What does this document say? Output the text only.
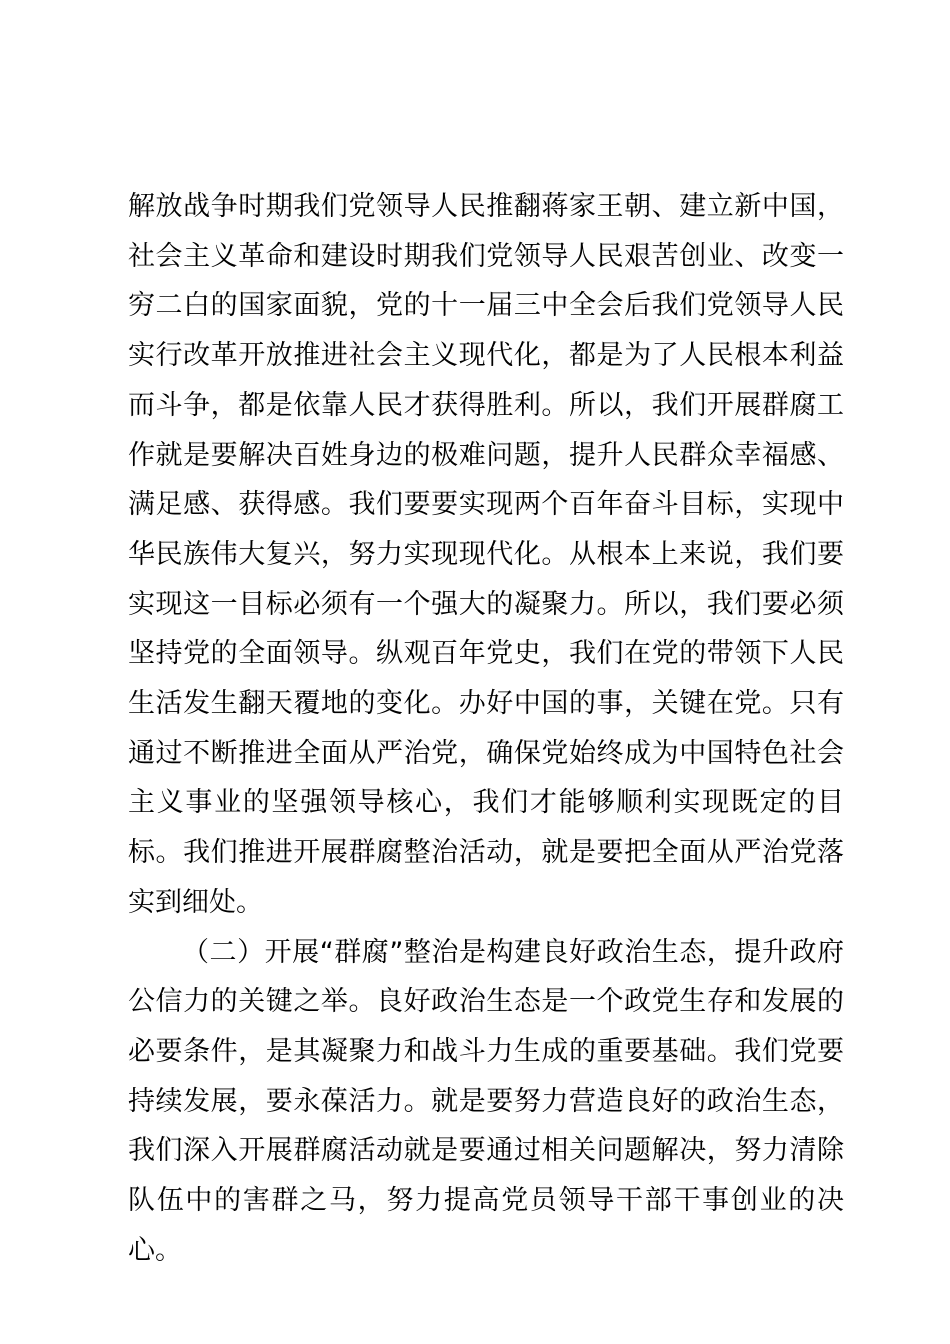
解放战争时期我们党领导人民推翻蒋家王朝、建立新中国，社会主义革命和建设时期我们党领导人民艰苦创业、改变一穷二白的国家面貌，党的十一届三中全会后我们党领导人民实行改革开放推进社会主义现代化，都是为了人民根本利益而斗争，都是依靠人民才获得胜利。所以，我们开展群腐工作就是要解决百姓身边的极难问题，提升人民群众幸福感、满足感、获得感。我们要要实现两个百年奋斗目标，实现中华民族伟大复兴，努力实现现代化。从根本上来说，我们要实现这一目标必须有一个强大的凝聚力。所以，我们要必须坚持党的全面领导。纵观百年党史，我们在党的带领下人民生活发生翻天覆地的变化。办好中国的事，关键在党。只有通过不断推进全面从严治党，确保党始终成为中国特色社会主义事业的坚强领导核心，我们才能够顺利实现既定的目标。我们推进开展群腐整治活动，就是要把全面从严治党落实到细处。

（二）开展“群腐”整治是构建良好政治生态，提升政府公信力的关键之举。良好政治生态是一个政党生存和发展的必要条件，是其凝聚力和战斗力生成的重要基础。我们党要持续发展，要永葆活力。就是要努力营造良好的政治生态，我们深入开展群腐活动就是要通过相关问题解决，努力清除队伍中的害群之马，努力提高党员领导干部干事创业的决心。
